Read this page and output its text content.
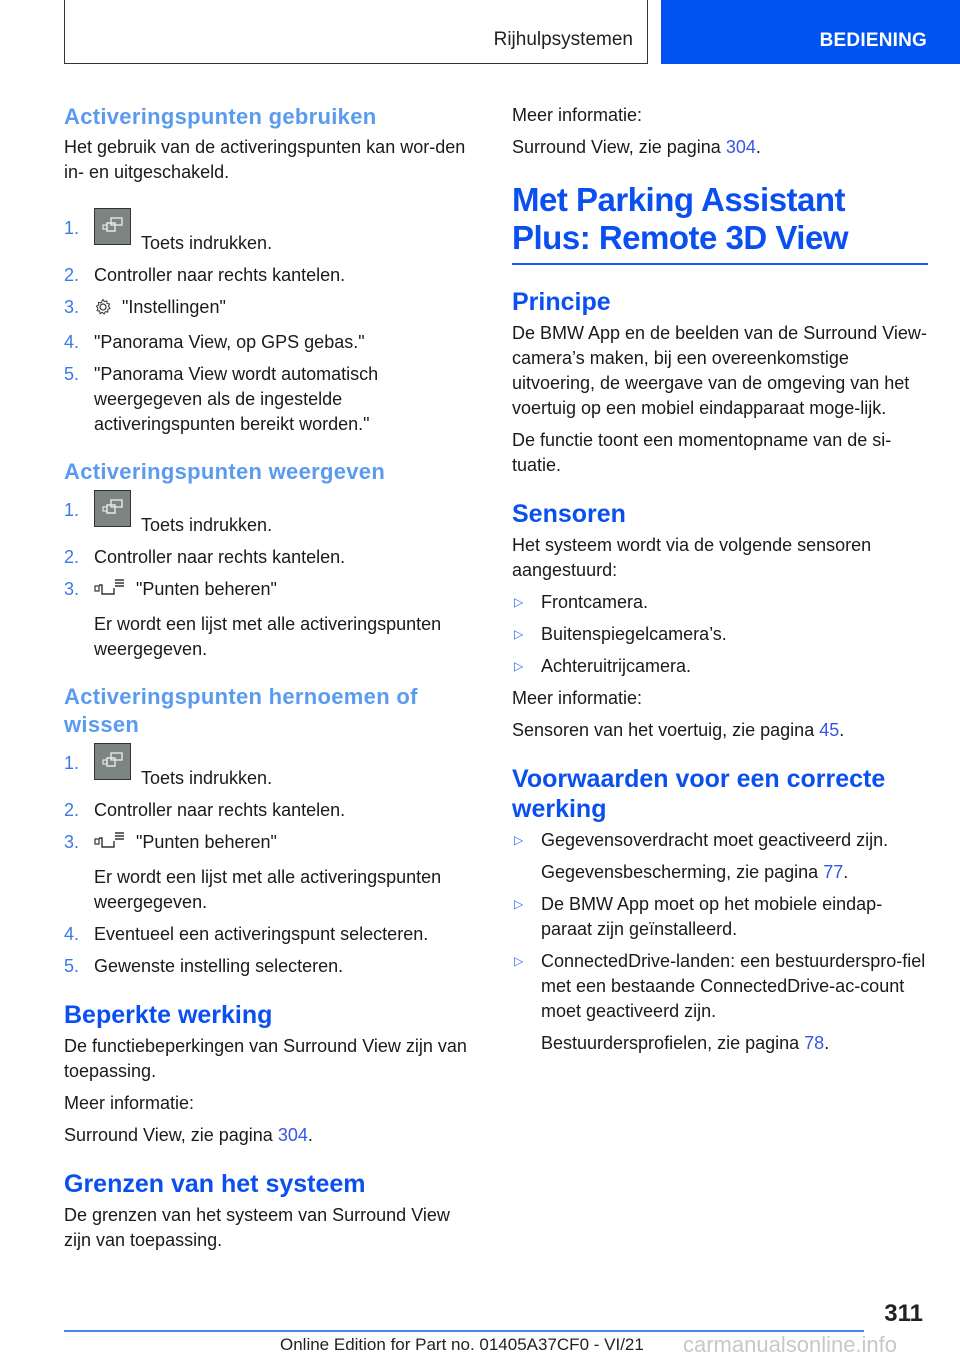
Rijhulpsystemen	BEDIENING
Activeringspunten gebruiken

Het gebruik van de activeringspunten kan wor-den in- en uitgeschakeld.

1.
Toets indrukken.
2. Controller naar rechts kantelen.
3. "Instellingen"
4. "Panorama View, op GPS gebas."
5. "Panorama View wordt automatisch weergegeven als de ingestelde activeringspunten bereikt worden."
Activeringspunten weergeven
1.
Toets indrukken.
2. Controller naar rechts kantelen.
3.	"Punten beheren"

Er wordt een lijst met alle activeringspunten weergegeven.

Activeringspunten hernoemen of wissen
1.
Toets indrukken.
2. Controller naar rechts kantelen.
3.	"Punten beheren"

Er wordt een lijst met alle activeringspunten weergegeven.

4. Eventueel een activeringspunt selecteren.
5. Gewenste instelling selecteren.
Beperkte werking

De functiebeperkingen van Surround View zijn van toepassing.

Meer informatie:

Surround View, zie pagina 304.

Grenzen van het systeem

De grenzen van het systeem van Surround View zijn van toepassing.

Meer informatie:

Surround View, zie pagina 304.

Met Parking Assistant Plus: Remote 3D View
Principe

De BMW App en de beelden van de Surround View-camera’s maken, bij een overeenkomstige uitvoering, de weergave van de omgeving van het voertuig op een mobiel eindapparaat moge-lijk.

De functie toont een momentopname van de si-tuatie.

Sensoren

Het systeem wordt via de volgende sensoren aangestuurd:

▷ Frontcamera.
▷ Buitenspiegelcamera’s.
▷ Achteruitrijcamera.

Meer informatie:

Sensoren van het voertuig, zie pagina 45.

Voorwaarden voor een correcte werking
▷ Gegevensoverdracht moet geactiveerd zijn.

Gegevensbescherming, zie pagina 77.

▷ De BMW App moet op het mobiele eindap-paraat zijn geïnstalleerd.
▷ ConnectedDrive-landen: een bestuurderspro-fiel met een bestaande ConnectedDrive-ac-count moet geactiveerd zijn.

Bestuurdersprofielen, zie pagina 78.

311
Online Edition for Part no. 01405A37CF0 - VI/21 carmanualsonline.info
